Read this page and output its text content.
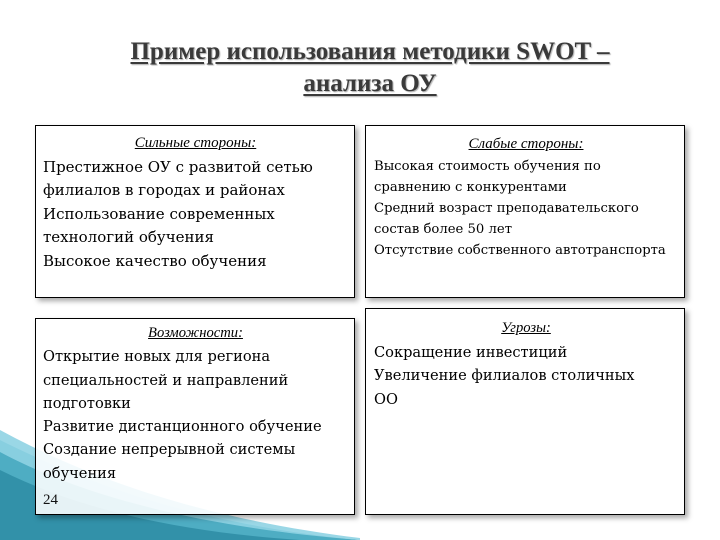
Пример использования методики SWOT –
анализа ОУ
Сильные стороны:
Престижное ОУ с развитой сетью
филиалов в городах и районах
Использование современных
технологий обучения
Высокое качество обучения
Слабые стороны:
Высокая стоимость обучения по
сравнению с конкурентами
Средний возраст преподавательского
состав более 50 лет
Отсутствие собственного автотранспорта
Возможности:
Открытие новых для региона
специальностей и направлений
подготовки
Развитие дистанционного обучение
Создание непрерывной системы
обучения
Угрозы:
Сокращение инвестиций
Увеличение филиалов столичных
ОО
24
